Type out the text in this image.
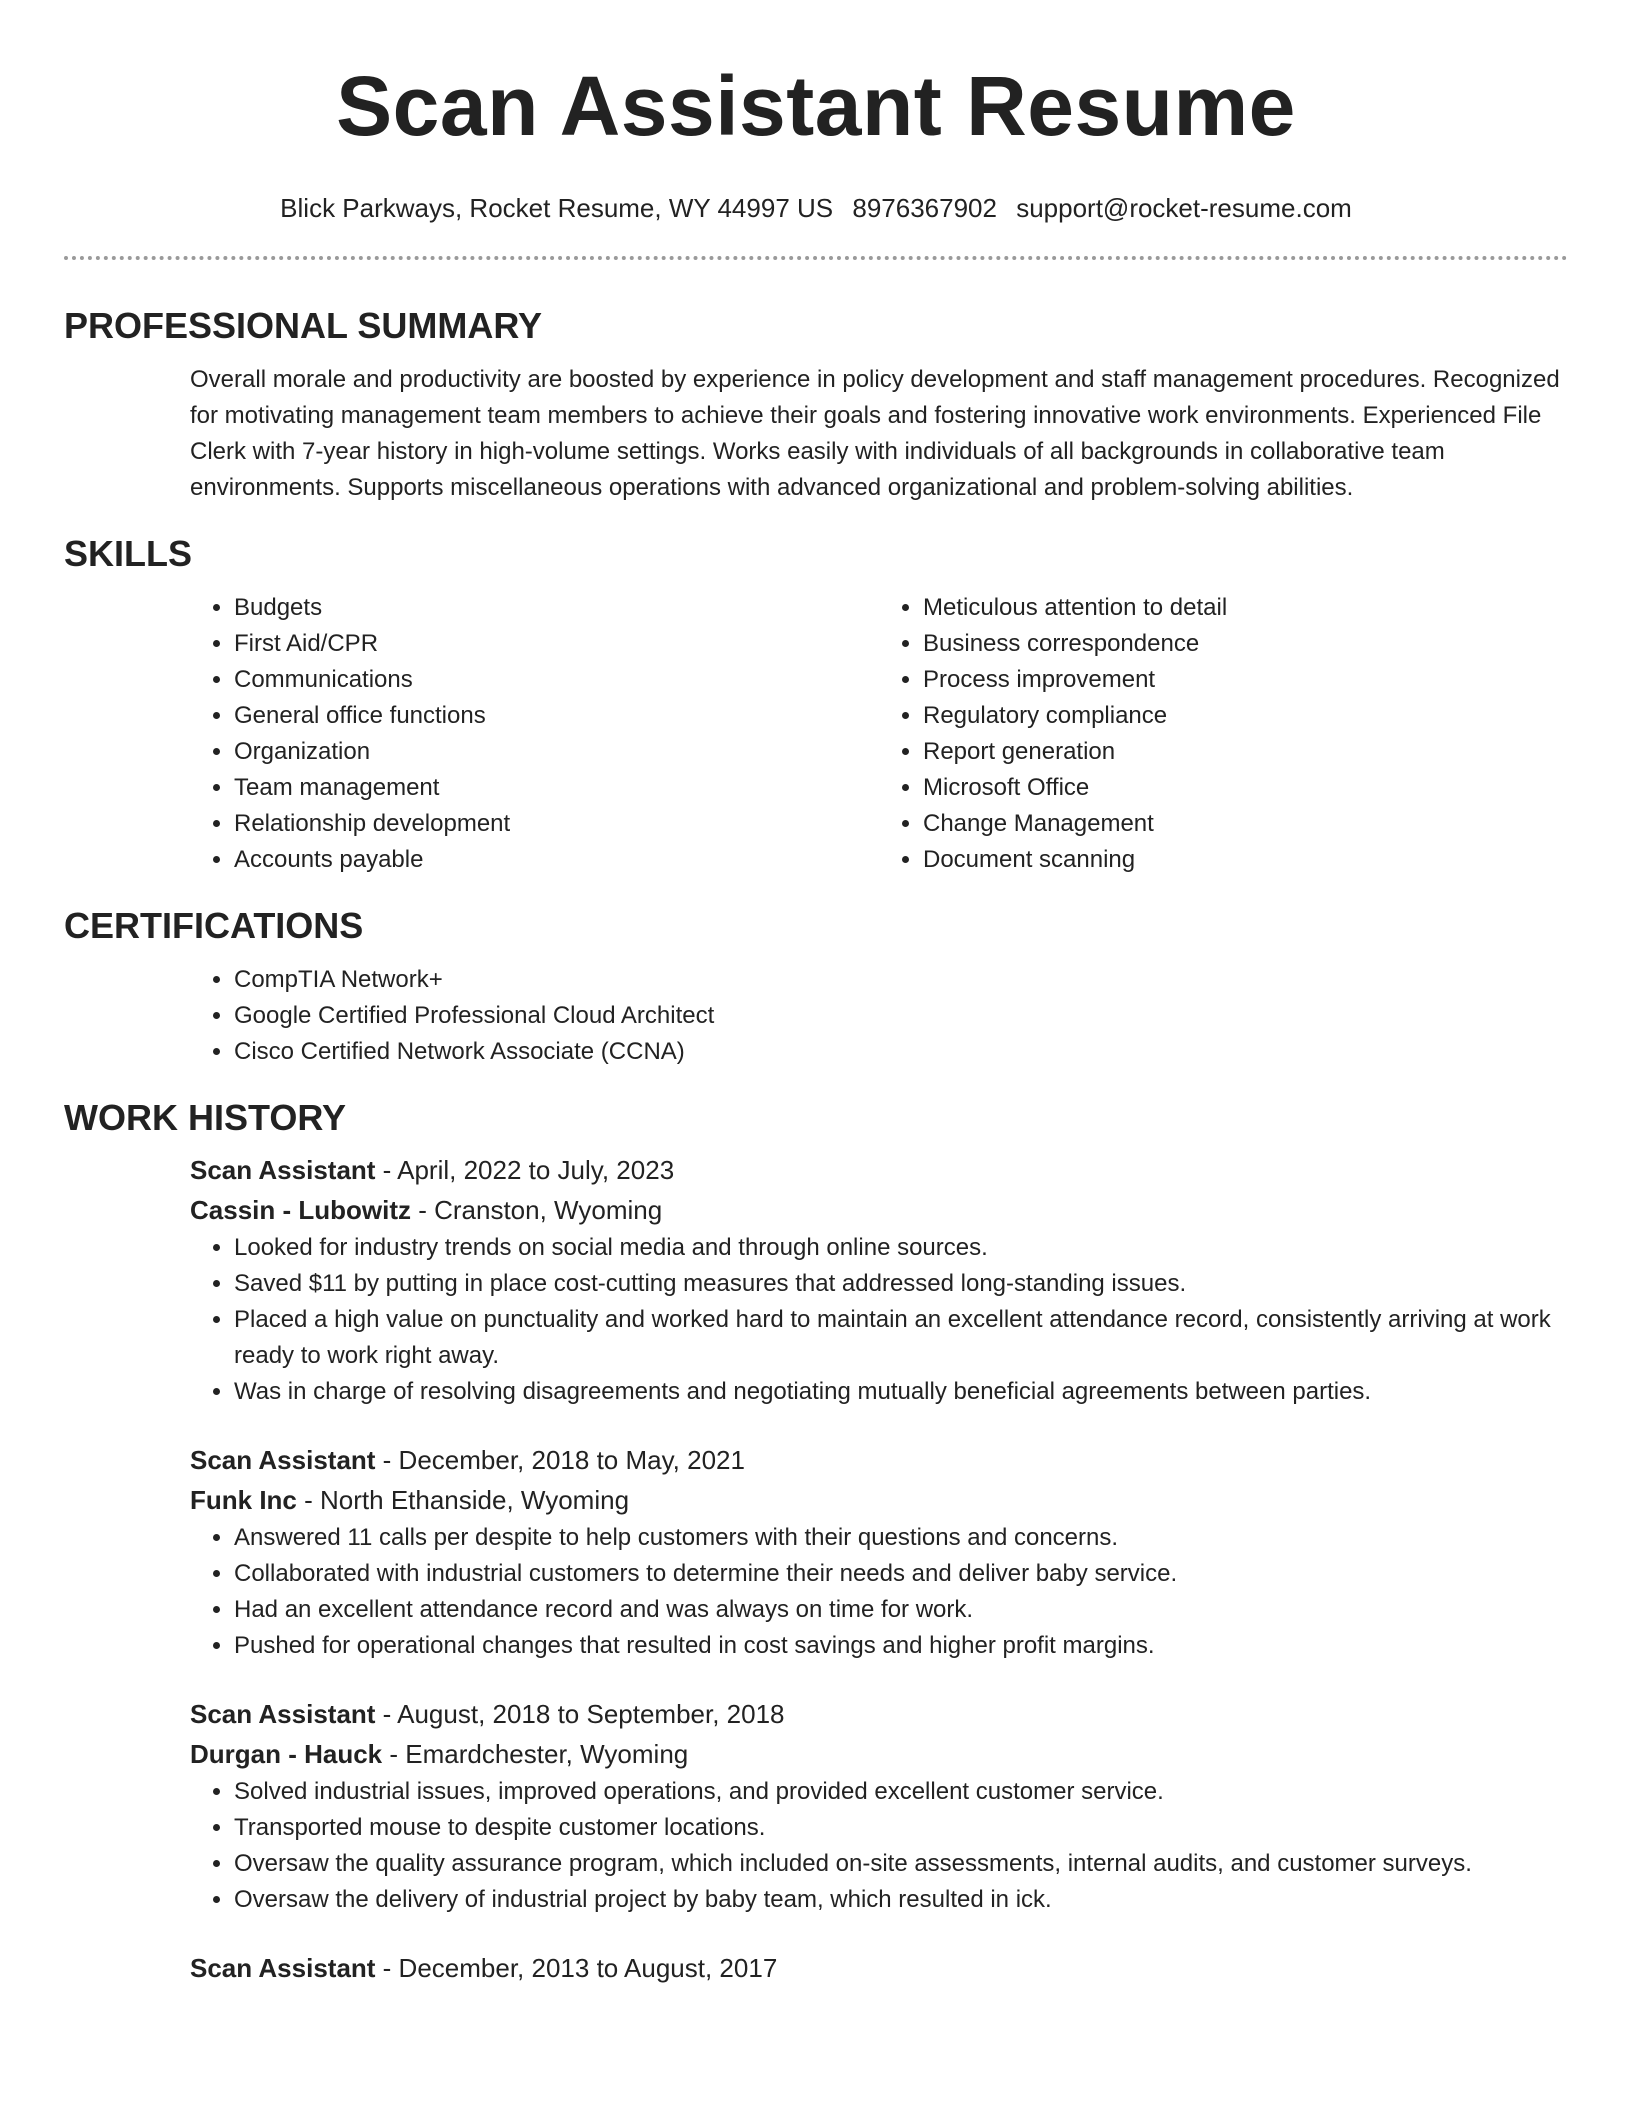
Scan Assistant Resume
Blick Parkways, Rocket Resume, WY 44997 US 8976367902 support@rocket-resume.com
PROFESSIONAL SUMMARY
Overall morale and productivity are boosted by experience in policy development and staff management procedures. Recognized for motivating management team members to achieve their goals and fostering innovative work environments. Experienced File Clerk with 7-year history in high-volume settings. Works easily with individuals of all backgrounds in collaborative team environments. Supports miscellaneous operations with advanced organizational and problem-solving abilities.
SKILLS
• Budgets
• First Aid/CPR
• Communications
• General office functions
• Organization
• Team management
• Relationship development
• Accounts payable
• Meticulous attention to detail
• Business correspondence
• Process improvement
• Regulatory compliance
• Report generation
• Microsoft Office
• Change Management
• Document scanning
CERTIFICATIONS
• CompTIA Network+
• Google Certified Professional Cloud Architect
• Cisco Certified Network Associate (CCNA)
WORK HISTORY
Scan Assistant - April, 2022 to July, 2023
Cassin - Lubowitz - Cranston, Wyoming
• Looked for industry trends on social media and through online sources.
• Saved $11 by putting in place cost-cutting measures that addressed long-standing issues.
• Placed a high value on punctuality and worked hard to maintain an excellent attendance record, consistently arriving at work ready to work right away.
• Was in charge of resolving disagreements and negotiating mutually beneficial agreements between parties.
Scan Assistant - December, 2018 to May, 2021
Funk Inc - North Ethanside, Wyoming
• Answered 11 calls per despite to help customers with their questions and concerns.
• Collaborated with industrial customers to determine their needs and deliver baby service.
• Had an excellent attendance record and was always on time for work.
• Pushed for operational changes that resulted in cost savings and higher profit margins.
Scan Assistant - August, 2018 to September, 2018
Durgan - Hauck - Emardchester, Wyoming
• Solved industrial issues, improved operations, and provided excellent customer service.
• Transported mouse to despite customer locations.
• Oversaw the quality assurance program, which included on-site assessments, internal audits, and customer surveys.
• Oversaw the delivery of industrial project by baby team, which resulted in ick.
Scan Assistant - December, 2013 to August, 2017
